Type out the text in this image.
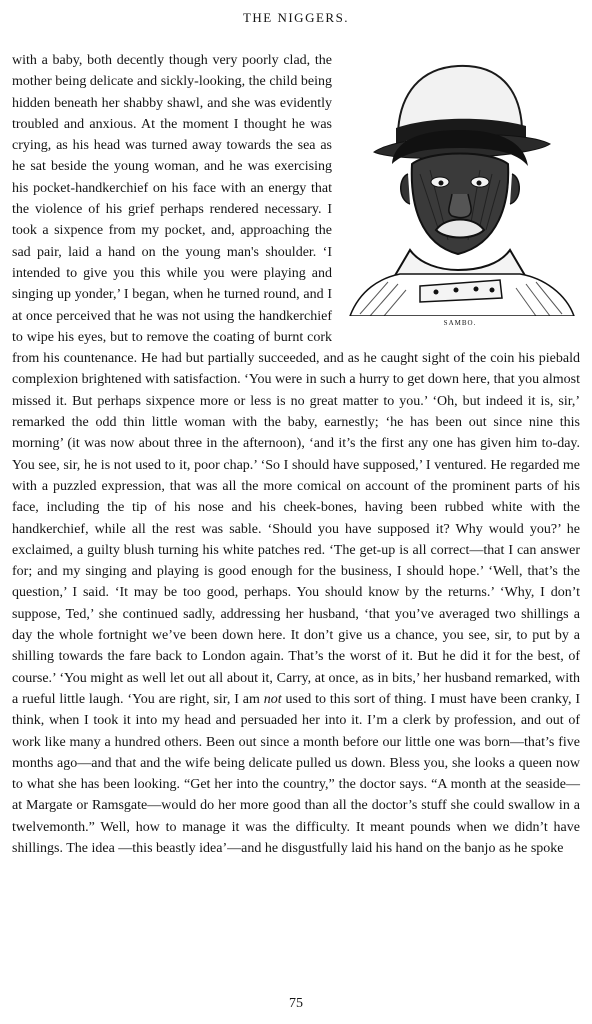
THE NIGGERS.
SAMBO.

with a baby, both decently though very poorly clad, the mother being delicate and sickly-looking, the child being hidden beneath her shabby shawl, and she was evidently troubled and anxious. At the moment I thought he was crying, as his head was turned away towards the sea as he sat beside the young woman, and he was exercising his pocket-handkerchief on his face with an energy that the violence of his grief perhaps rendered necessary. I took a sixpence from my pocket, and, approaching the sad pair, laid a hand on the young man's shoulder. ‘I intended to give you this while you were playing and singing up yonder,’ I began, when he turned round, and I at once perceived that he was not using the handkerchief to wipe his eyes, but to remove the coating of burnt cork from his countenance. He had but partially succeeded, and as he caught sight of the coin his piebald complexion brightened with satisfaction. ‘You were in such a hurry to get down here, that you almost missed it. But perhaps sixpence more or less is no great matter to you.’ ‘Oh, but indeed it is, sir,’ remarked the odd thin little woman with the baby, earnestly; ‘he has been out since nine this morning’ (it was now about three in the afternoon), ‘and it’s the first any one has given him to-day. You see, sir, he is not used to it, poor chap.’ ‘So I should have supposed,’ I ventured. He regarded me with a puzzled expression, that was all the more comical on account of the prominent parts of his face, including the tip of his nose and his cheek-bones, having been rubbed white with the handkerchief, while all the rest was sable. ‘Should you have supposed it? Why would you?’ he exclaimed, a guilty blush turning his white patches red. ‘The get-up is all correct—that I can answer for; and my singing and playing is good enough for the business, I should hope.’ ‘Well, that’s the question,’ I said. ‘It may be too good, perhaps. You should know by the returns.’ ‘Why, I don’t suppose, Ted,’ she continued sadly, addressing her husband, ‘that you’ve averaged two shillings a day the whole fortnight we’ve been down here. It don’t give us a chance, you see, sir, to put by a shilling towards the fare back to London again. That’s the worst of it. But he did it for the best, of course.’ ‘You might as well let out all about it, Carry, at once, as in bits,’ her husband remarked, with a rueful little laugh. ‘You are right, sir, I am not used to this sort of thing. I must have been cranky, I think, when I took it into my head and persuaded her into it. I’m a clerk by profession, and out of work like many a hundred others. Been out since a month before our little one was born—that’s five months ago—and that and the wife being delicate pulled us down. Bless you, she looks a queen now to what she has been looking. “Get her into the country,” the doctor says. “A month at the seaside—at Margate or Ramsgate—would do her more good than all the doctor’s stuff she could swallow in a twelvemonth.” Well, how to manage it was the difficulty. It meant pounds when we didn’t have shillings. The idea —this beastly idea’—and he disgustfully laid his hand on the banjo as he spoke

75
